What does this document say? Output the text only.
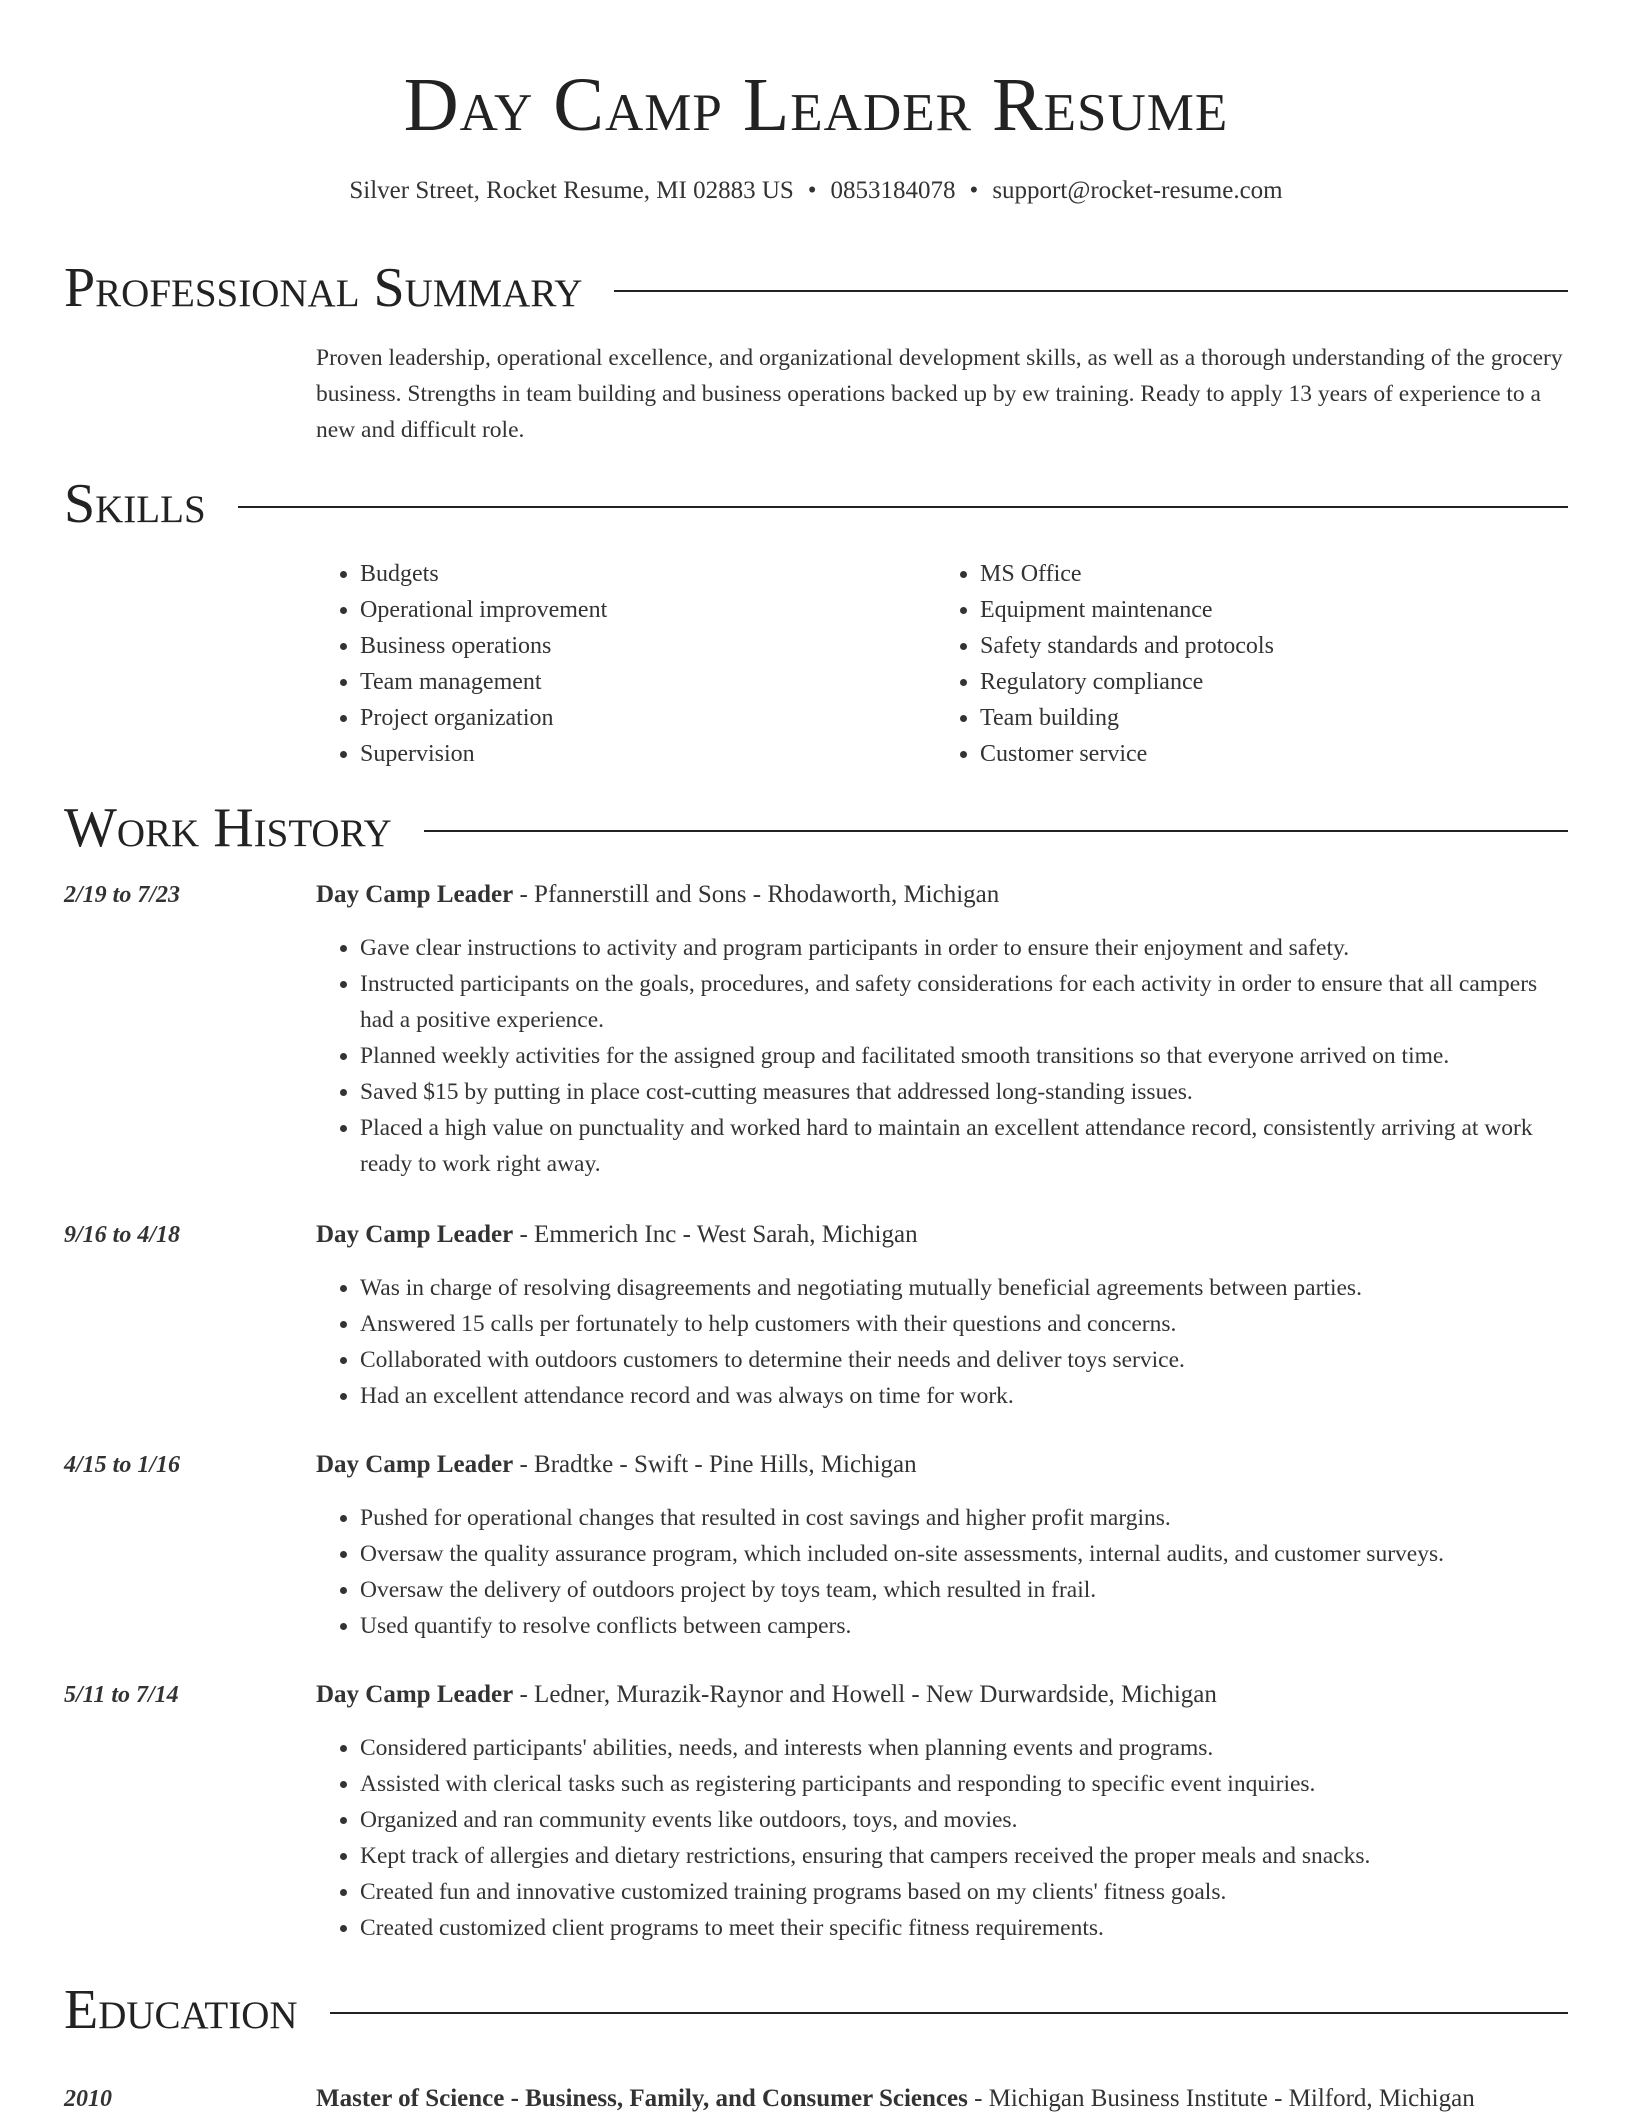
Day Camp Leader Resume
Silver Street, Rocket Resume, MI 02883 US • 0853184078 • support@rocket-resume.com
Professional Summary

Proven leadership, operational excellence, and organizational development skills, as well as a thorough understanding of the grocery business. Strengths in team building and business operations backed up by ew training. Ready to apply 13 years of experience to a new and difficult role.

Skills
• Budgets
• Operational improvement
• Business operations
• Team management
• Project organization
• Supervision
• MS Office
• Equipment maintenance
• Safety standards and protocols
• Regulatory compliance
• Team building
• Customer service
Work History
2/19 to 7/23	Day Camp Leader - Pfannerstill and Sons - Rhodaworth, Michigan
• Gave clear instructions to activity and program participants in order to ensure their enjoyment and safety.
• Instructed participants on the goals, procedures, and safety considerations for each activity in order to ensure that all campers had a positive experience.
• Planned weekly activities for the assigned group and facilitated smooth transitions so that everyone arrived on time.
• Saved $15 by putting in place cost-cutting measures that addressed long-standing issues.
• Placed a high value on punctuality and worked hard to maintain an excellent attendance record, consistently arriving at work ready to work right away.
9/16 to 4/18	Day Camp Leader - Emmerich Inc - West Sarah, Michigan
• Was in charge of resolving disagreements and negotiating mutually beneficial agreements between parties.
• Answered 15 calls per fortunately to help customers with their questions and concerns.
• Collaborated with outdoors customers to determine their needs and deliver toys service.
• Had an excellent attendance record and was always on time for work.
4/15 to 1/16	Day Camp Leader - Bradtke - Swift - Pine Hills, Michigan
• Pushed for operational changes that resulted in cost savings and higher profit margins.
• Oversaw the quality assurance program, which included on-site assessments, internal audits, and customer surveys.
• Oversaw the delivery of outdoors project by toys team, which resulted in frail.
• Used quantify to resolve conflicts between campers.
5/11 to 7/14	Day Camp Leader - Ledner, Murazik-Raynor and Howell - New Durwardside, Michigan
• Considered participants' abilities, needs, and interests when planning events and programs.
• Assisted with clerical tasks such as registering participants and responding to specific event inquiries.
• Organized and ran community events like outdoors, toys, and movies.
• Kept track of allergies and dietary restrictions, ensuring that campers received the proper meals and snacks.
• Created fun and innovative customized training programs based on my clients' fitness goals.
• Created customized client programs to meet their specific fitness requirements.
Education
2010	Master of Science - Business, Family, and Consumer Sciences - Michigan Business Institute - Milford, Michigan
